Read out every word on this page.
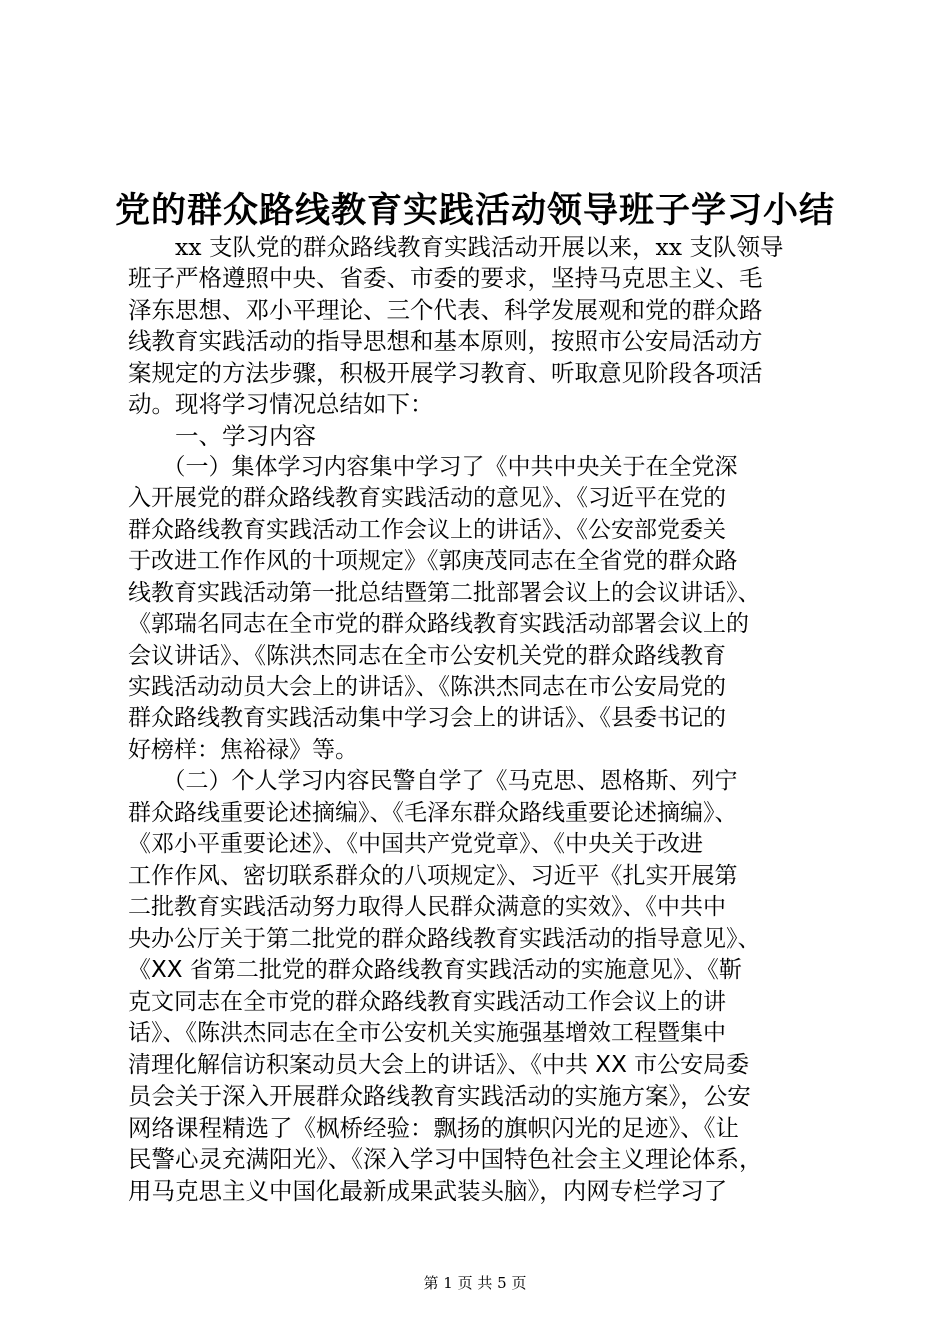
党的群众路线教育实践活动领导班子学习小结

　　xx 支队党的群众路线教育实践活动开展以来，xx 支队领导

班子严格遵照中央、省委、市委的要求，坚持马克思主义、毛

泽东思想、邓小平理论、三个代表、科学发展观和党的群众路

线教育实践活动的指导思想和基本原则，按照市公安局活动方

案规定的方法步骤，积极开展学习教育、听取意见阶段各项活

动。现将学习情况总结如下：

　　一、学习内容

　　（一）集体学习内容集中学习了《中共中央关于在全党深

入开展党的群众路线教育实践活动的意见》、《习近平在党的

群众路线教育实践活动工作会议上的讲话》、《公安部党委关

于改进工作作风的十项规定》《郭庚茂同志在全省党的群众路

线教育实践活动第一批总结暨第二批部署会议上的会议讲话》、

《郭瑞名同志在全市党的群众路线教育实践活动部署会议上的

会议讲话》、《陈洪杰同志在全市公安机关党的群众路线教育

实践活动动员大会上的讲话》、《陈洪杰同志在市公安局党的

群众路线教育实践活动集中学习会上的讲话》、《县委书记的

好榜样：焦裕禄》等。

　　（二）个人学习内容民警自学了《马克思、恩格斯、列宁

群众路线重要论述摘编》、《毛泽东群众路线重要论述摘编》、

《邓小平重要论述》、《中国共产党党章》、《中央关于改进

工作作风、密切联系群众的八项规定》、习近平《扎实开展第

二批教育实践活动努力取得人民群众满意的实效》、《中共中

央办公厅关于第二批党的群众路线教育实践活动的指导意见》、

《XX 省第二批党的群众路线教育实践活动的实施意见》、《靳

克文同志在全市党的群众路线教育实践活动工作会议上的讲

话》、《陈洪杰同志在全市公安机关实施强基增效工程暨集中

清理化解信访积案动员大会上的讲话》、《中共 XX 市公安局委

员会关于深入开展群众路线教育实践活动的实施方案》，公安

网络课程精选了《枫桥经验：飘扬的旗帜闪光的足迹》、《让

民警心灵充满阳光》、《深入学习中国特色社会主义理论体系，

用马克思主义中国化最新成果武装头脑》，内网专栏学习了

第 1 页 共 5 页
